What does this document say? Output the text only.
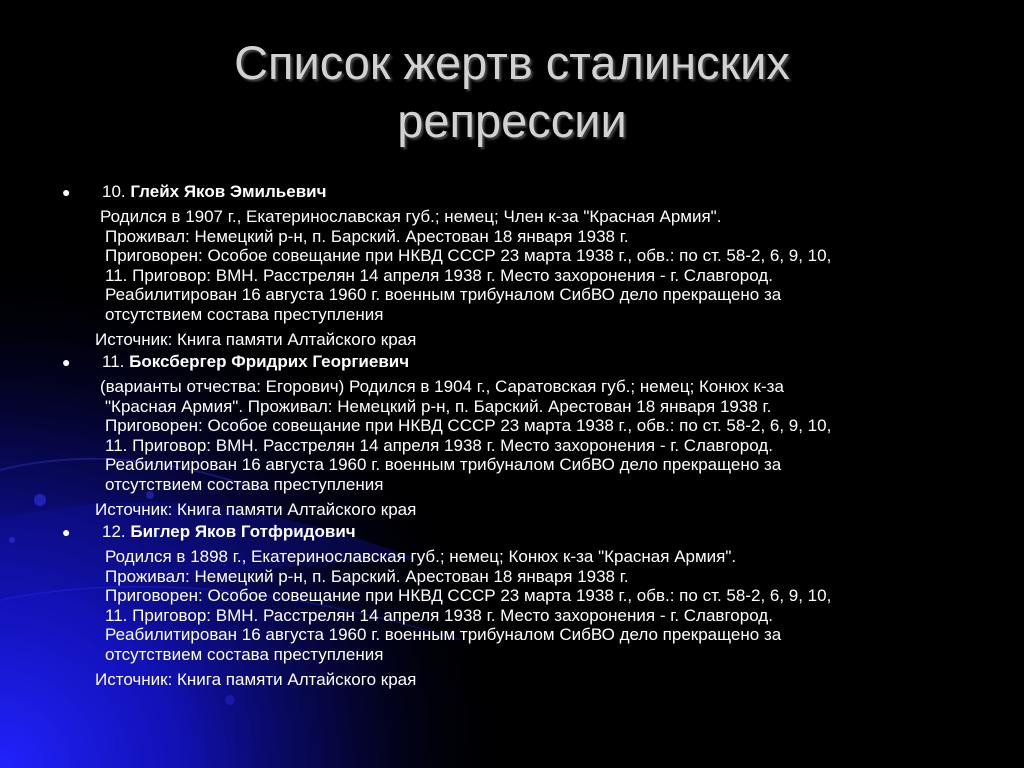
Список жертв сталинских
репрессии
● 10. Глейх Яков Эмильевич
Родился в 1907 г., Екатеринославская губ.; немец; Член к-за "Красная Армия".
Проживал: Немецкий р-н, п. Барский. Арестован 18 января 1938 г.
Приговорен: Особое совещание при НКВД СССР 23 марта 1938 г., обв.: по ст. 58-2, 6, 9, 10,
11. Приговор: ВМН. Расстрелян 14 апреля 1938 г. Место захоронения - г. Славгород.
Реабилитирован 16 августа 1960 г. военным трибуналом СибВО дело прекращено за
отсутствием состава преступления
Источник: Книга памяти Алтайского края
● 11. Боксбергер Фридрих Георгиевич
(варианты отчества: Егорович) Родился в 1904 г., Саратовская губ.; немец; Конюх к-за
"Красная Армия". Проживал: Немецкий р-н, п. Барский. Арестован 18 января 1938 г.
Приговорен: Особое совещание при НКВД СССР 23 марта 1938 г., обв.: по ст. 58-2, 6, 9, 10,
11. Приговор: ВМН. Расстрелян 14 апреля 1938 г. Место захоронения - г. Славгород.
Реабилитирован 16 августа 1960 г. военным трибуналом СибВО дело прекращено за
отсутствием состава преступления
Источник: Книга памяти Алтайского края
● 12. Биглер Яков Готфридович
Родился в 1898 г., Екатеринославская губ.; немец; Конюх к-за "Красная Армия".
Проживал: Немецкий р-н, п. Барский. Арестован 18 января 1938 г.
Приговорен: Особое совещание при НКВД СССР 23 марта 1938 г., обв.: по ст. 58-2, 6, 9, 10,
11. Приговор: ВМН. Расстрелян 14 апреля 1938 г. Место захоронения - г. Славгород.
Реабилитирован 16 августа 1960 г. военным трибуналом СибВО дело прекращено за
отсутствием состава преступления
Источник: Книга памяти Алтайского края
